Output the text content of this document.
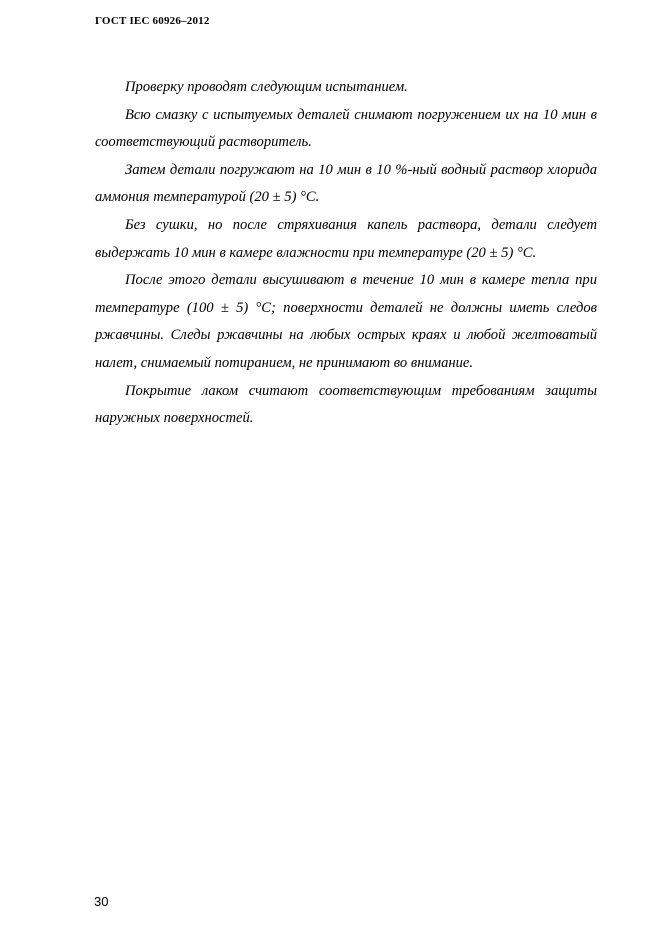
ГОСТ IEC 60926–2012

Проверку проводят следующим испытанием.

Всю смазку с испытуемых деталей снимают погружением их на 10 мин в соответствующий растворитель.

Затем детали погружают на 10 мин в 10 %-ный водный раствор хлорида аммония температурой (20 ± 5) °С.

Без сушки, но после стряхивания капель раствора, детали следует выдержать 10 мин в камере влажности при температуре (20 ± 5) °С.

После этого детали высушивают в течение 10 мин в камере тепла при температуре (100 ± 5) °С; поверхности деталей не должны иметь следов ржавчины. Следы ржавчины на любых острых краях и любой желтоватый налет, снимаемый потиранием, не принимают во внимание.

Покрытие лаком считают соответствующим требованиям защиты наружных поверхностей.

30
